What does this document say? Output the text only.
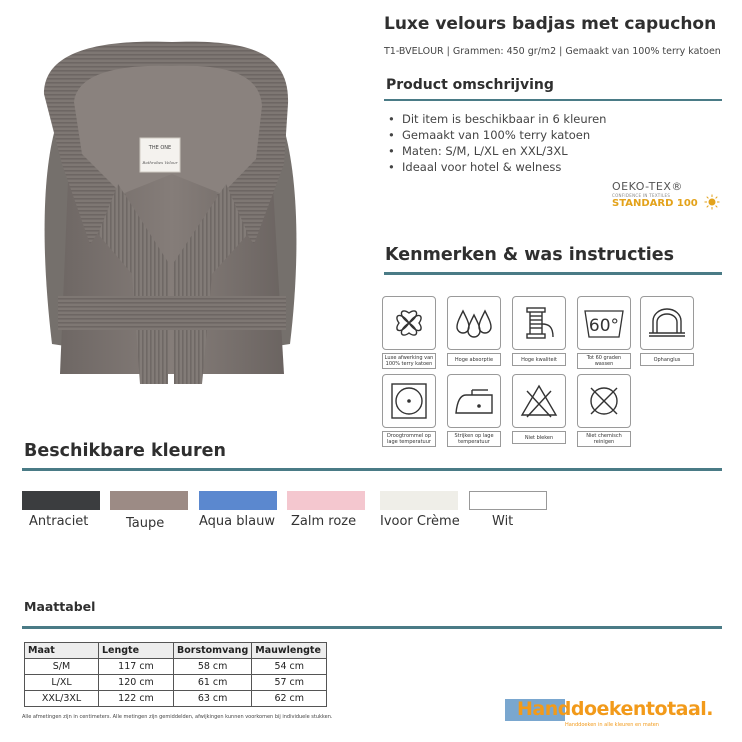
THE ONE
Bathrobes Velour
Luxe velours badjas met capuchon
T1-BVELOUR | Grammen: 450 gr/m2 | Gemaakt van 100% terry katoen
Product omschrijving
• Dit item is beschikbaar in 6 kleuren
• Gemaakt van 100% terry katoen
• Maten: S/M, L/XL en XXL/3XL
• Ideaal voor hotel & welness
OEKO-TEX®
CONFIDENCE IN TEXTILES
STANDARD 100
Kenmerken & was instructies
Luxe afwerking van 100% terry katoen
Hoge absorptie	Hoge kwaliteit
60°
Tot 60 graden wassen
Ophanglus
Droogtrommel op lage temperatuur
Strijken op lage temperatuur
Niet bleken	Niet chemisch reinigen
Beschikbare kleuren
Antraciet	Taupe	Aqua blauw Zalm roze Ivoor Crème Wit
Maattabel
Maat	Lengte	Borstomvang	Mauwlengte
S/M	117 cm	58 cm	54 cm
L/XL	120 cm	61 cm	57 cm
XXL/3XL	122 cm	63 cm	62 cm
Alle afmetingen zijn in centimeters. Alle metingen zijn gemiddelden, afwijkingen kunnen voorkomen bij individuele stukken.	Handdoekentotaal.
Handdoeken in alle kleuren en maten
